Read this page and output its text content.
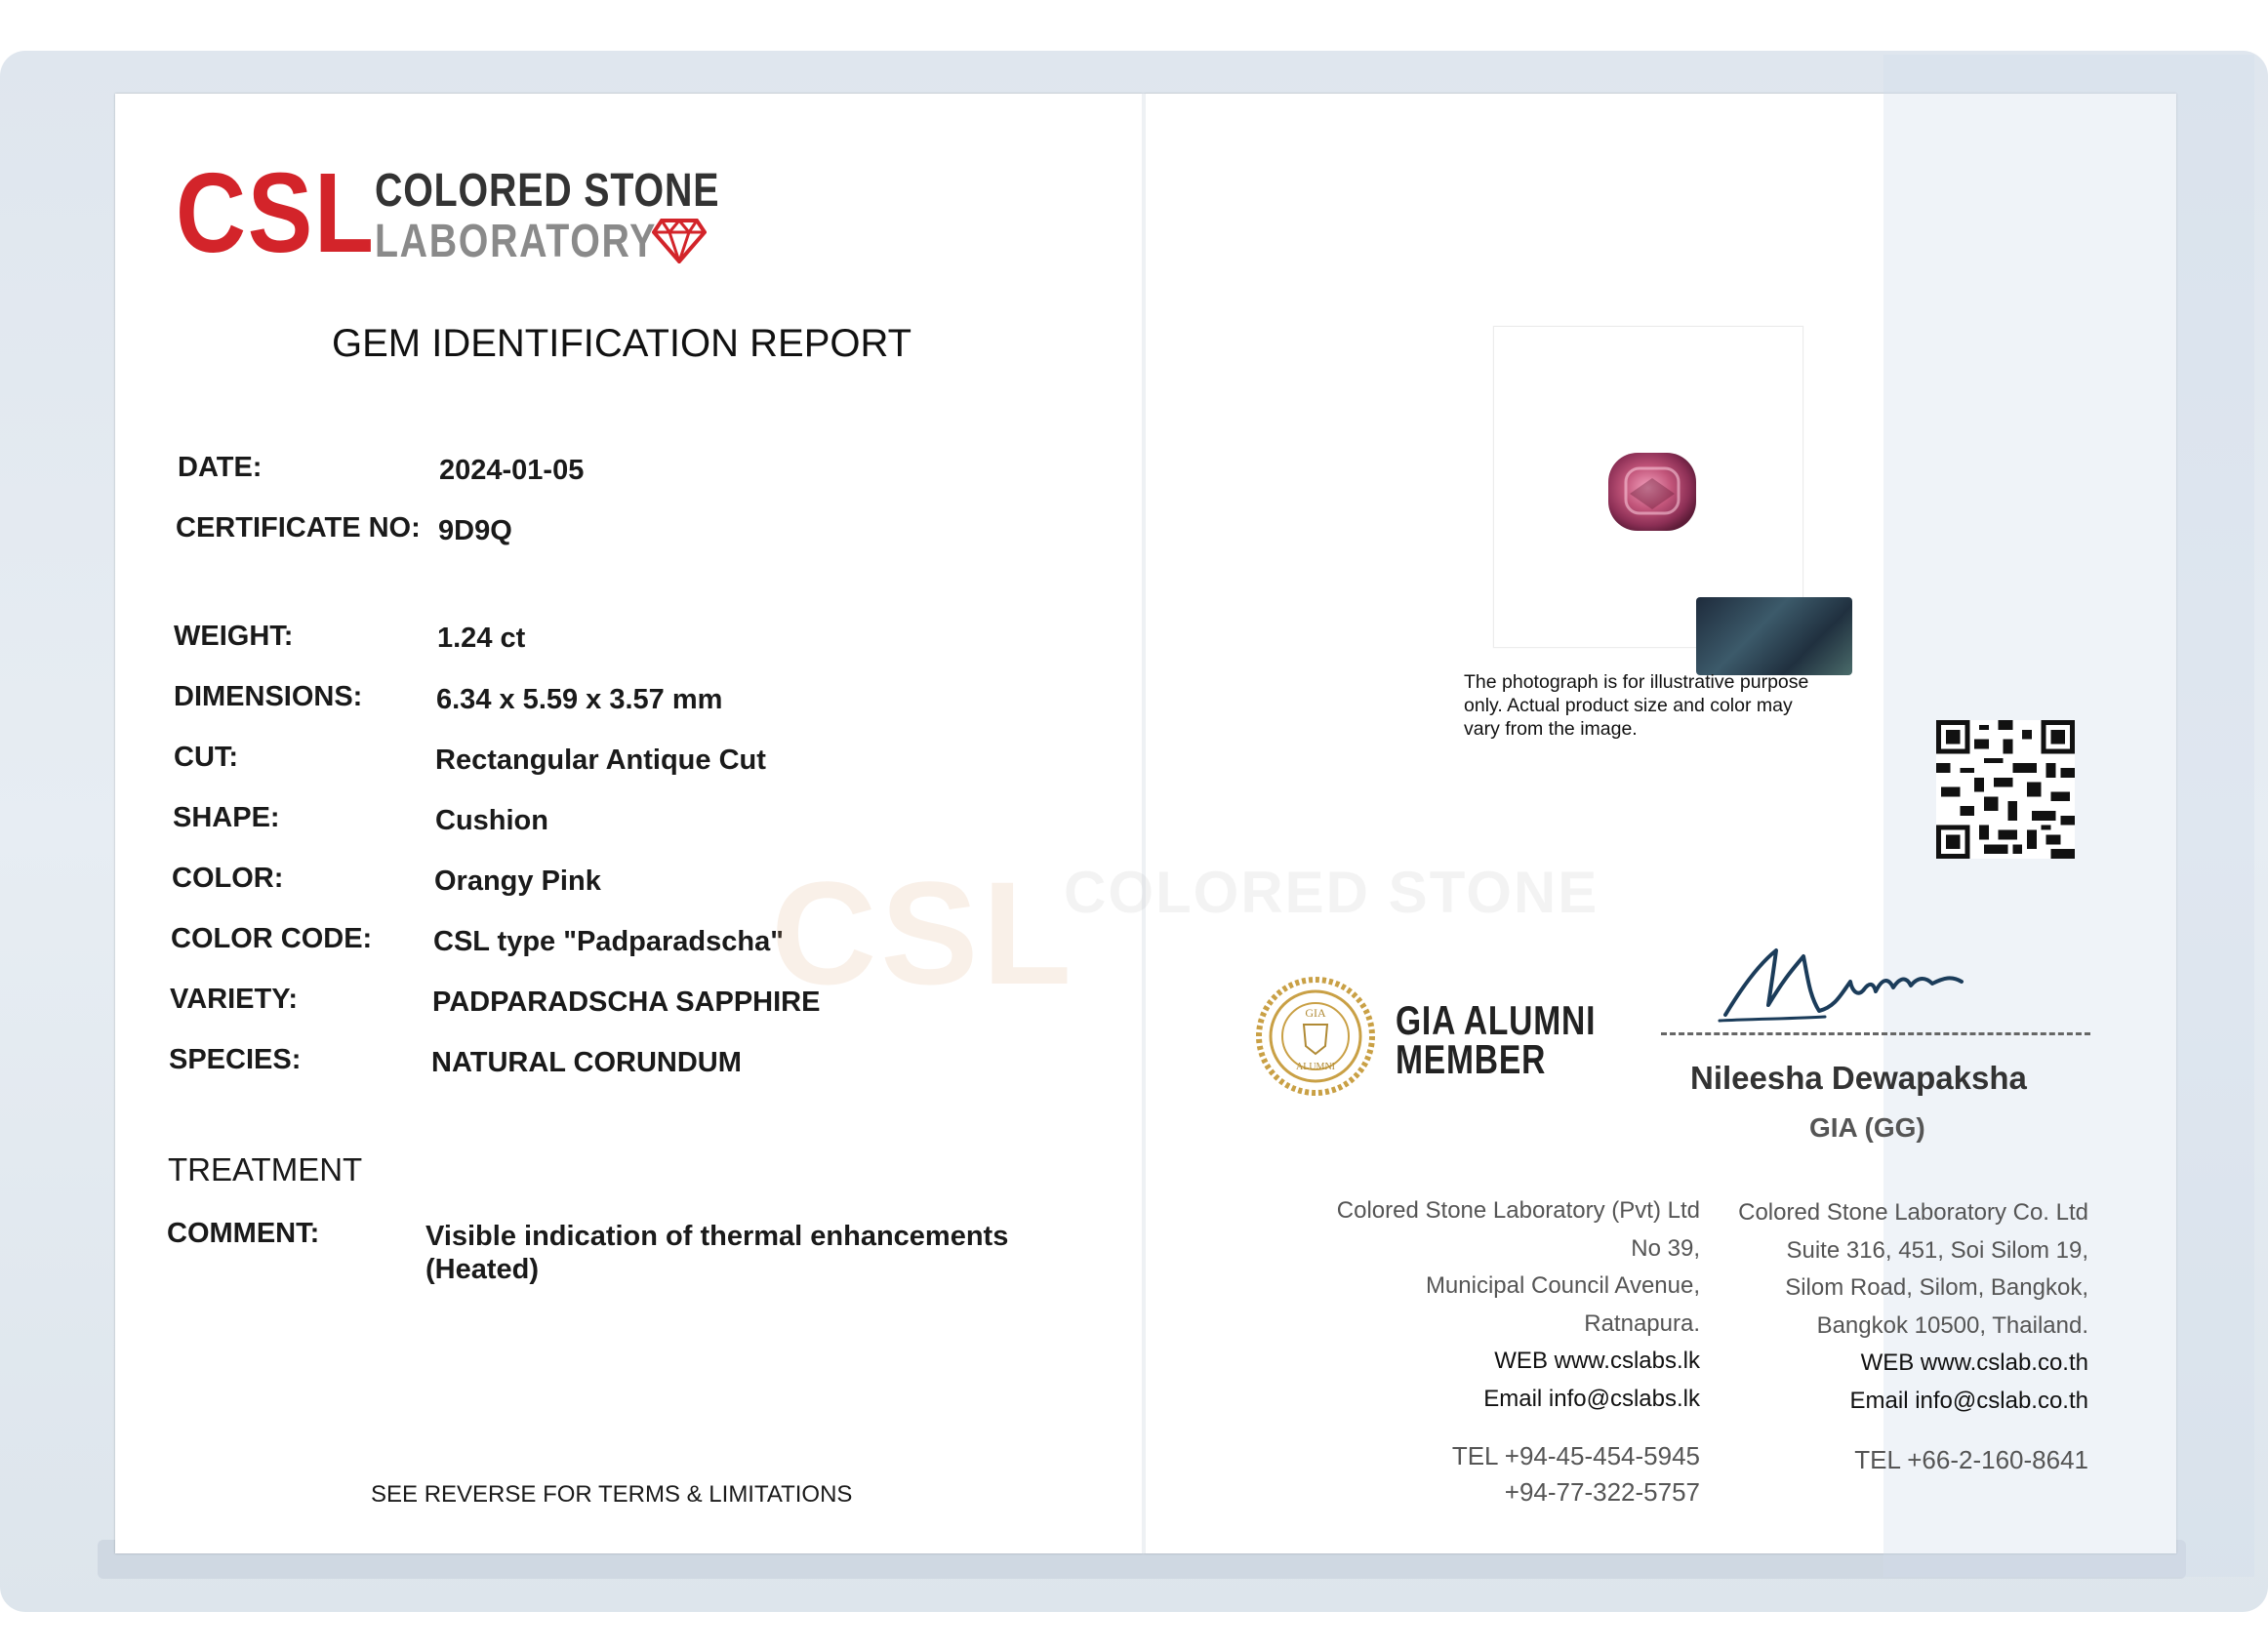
CSL COLORED STONE
LABORATORY
GEM IDENTIFICATION REPORT
DATE:	2024-01-05
CERTIFICATE NO: 9D9Q
WEIGHT:	1.24 ct
DIMENSIONS:	6.34 x 5.59 x 3.57 mm
CUT:	Rectangular Antique Cut
SHAPE:	Cushion
COLOR:	Orangy Pink
COLOR CODE: CSL type "Padparadscha"
VARIETY:	PADPARADSCHA SAPPHIRE
SPECIES:	NATURAL CORUNDUM
TREATMENT
COMMENT:	Visible indication of thermal enhancements
(Heated)
SEE REVERSE FOR TERMS & LIMITATIONS
CSL
COLORED STONE
The photograph is for illustrative purpose
only. Actual product size and color may
vary from the image.
GIA
ALUMNI
GIA ALUMNI
MEMBER	Nileesha Dewapaksha
GIA (GG)
Colored Stone Laboratory (Pvt) Ltd
No 39,
Municipal Council Avenue,
Ratnapura.
WEB www.cslabs.lk
Email info@cslabs.lk
TEL +94-45-454-5945
+94-77-322-5757
Colored Stone Laboratory Co. Ltd
Suite 316, 451, Soi Silom 19,
Silom Road, Silom, Bangkok,
Bangkok 10500, Thailand.
WEB www.cslab.co.th
Email info@cslab.co.th
TEL +66-2-160-8641
